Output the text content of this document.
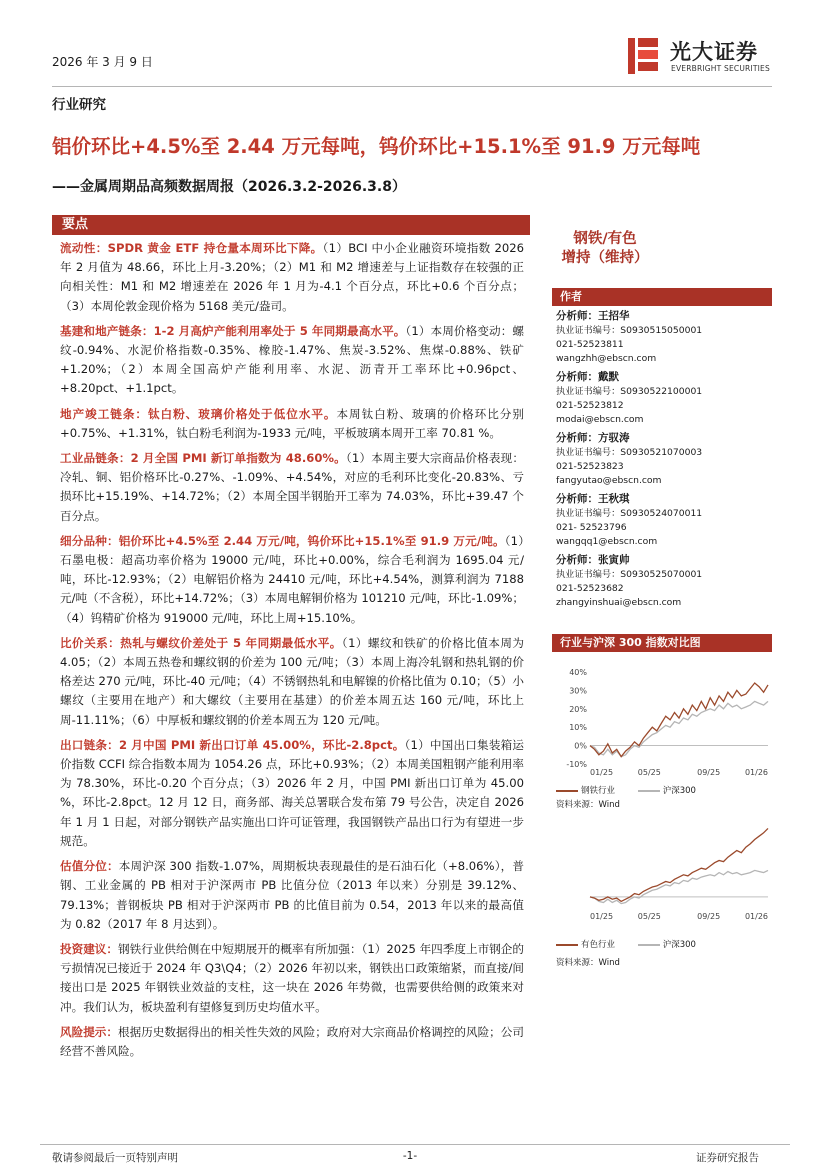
2026 年 3 月 9 日	光大证券
EVERBRIGHT SECURITIES
行业研究
铝价环比+4.5%至 2.44 万元每吨，钨价环比+15.1%至 91.9 万元每吨
——金属周期品高频数据周报（2026.3.2-2026.3.8）
要点

流动性：SPDR 黄金 ETF 持仓量本周环比下降。（1）BCI 中小企业融资环境指数 2026 年 2 月值为 48.66，环比上月-3.20%；（2）M1 和 M2 增速差与上证指数存在较强的正向相关性：M1 和 M2 增速差在 2026 年 1 月为-4.1 个百分点，环比+0.6 个百分点；（3）本周伦敦金现价格为 5168 美元/盎司。

基建和地产链条：1-2 月高炉产能利用率处于 5 年同期最高水平。（1）本周价格变动：螺纹-0.94%、水泥价格指数-0.35%、橡胶-1.47%、焦炭-3.52%、焦煤-0.88%、铁矿+1.20%；（2）本周全国高炉产能利用率、水泥、沥青开工率环比+0.96pct、+8.20pct、+1.1pct。

地产竣工链条：钛白粉、玻璃价格处于低位水平。本周钛白粉、玻璃的价格环比分别+0.75%、+1.31%，钛白粉毛利润为-1933 元/吨，平板玻璃本周开工率 70.81 %。

工业品链条：2 月全国 PMI 新订单指数为 48.60%。（1）本周主要大宗商品价格表现：冷轧、铜、铝价格环比-0.27%、-1.09%、+4.54%，对应的毛利环比变化-20.83%、亏损环比+15.19%、+14.72%；（2）本周全国半钢胎开工率为 74.03%，环比+39.47 个百分点。

细分品种：铝价环比+4.5%至 2.44 万元/吨，钨价环比+15.1%至 91.9 万元/吨。（1）石墨电极：超高功率价格为 19000 元/吨，环比+0.00%，综合毛利润为 1695.04 元/吨，环比-12.93%；（2）电解铝价格为 24410 元/吨，环比+4.54%，测算利润为 7188 元/吨（不含税），环比+14.72%；（3）本周电解铜价格为 101210 元/吨，环比-1.09%；（4）钨精矿价格为 919000 元/吨，环比上周+15.10%。

比价关系：热轧与螺纹价差处于 5 年同期最低水平。（1）螺纹和铁矿的价格比值本周为 4.05；（2）本周五热卷和螺纹钢的价差为 100 元/吨；（3）本周上海冷轧钢和热轧钢的价格差达 270 元/吨，环比-40 元/吨；（4）不锈钢热轧和电解镍的价格比值为 0.10；（5）小螺纹（主要用在地产）和大螺纹（主要用在基建）的价差本周五达 160 元/吨，环比上周-11.11%；（6）中厚板和螺纹钢的价差本周五为 120 元/吨。

出口链条：2 月中国 PMI 新出口订单 45.00%，环比-2.8pct。（1）中国出口集装箱运价指数 CCFI 综合指数本周为 1054.26 点，环比+0.93%；（2）本周美国粗钢产能利用率为 78.30%，环比-0.20 个百分点；（3）2026 年 2 月，中国 PMI 新出口订单为 45.00 %，环比-2.8pct。12 月 12 日，商务部、海关总署联合发布第 79 号公告，决定自 2026 年 1 月 1 日起，对部分钢铁产品实施出口许可证管理，我国钢铁产品出口行为有望进一步规范。

估值分位：本周沪深 300 指数-1.07%，周期板块表现最佳的是石油石化（+8.06%），普钢、工业金属的 PB 相对于沪深两市 PB 比值分位（2013 年以来）分别是 39.12%、79.13%；普钢板块 PB 相对于沪深两市 PB 的比值目前为 0.54，2013 年以来的最高值为 0.82（2017 年 8 月达到）。

投资建议：钢铁行业供给侧在中短期展开的概率有所加强：（1）2025 年四季度上市钢企的亏损情况已接近于 2024 年 Q3\Q4；（2）2026 年初以来，钢铁出口政策缩紧，而直接/间接出口是 2025 年钢铁业效益的支柱，这一块在 2026 年势微，也需要供给侧的政策来对冲。我们认为，板块盈利有望修复到历史均值水平。

风险提示：根据历史数据得出的相关性失效的风险；政府对大宗商品价格调控的风险；公司经营不善风险。

钢铁/有色
增持（维持）
作者
分析师：王招华
执业证书编号：S0930515050001
021-52523811
wangzhh@ebscn.com
分析师：戴默
执业证书编号：S0930522100001
021-52523812
modai@ebscn.com
分析师：方驭涛
执业证书编号：S0930521070003
021-52523823
fangyutao@ebscn.com
分析师：王秋琪
执业证书编号：S0930524070011
021- 52523796
wangqq1@ebscn.com
分析师：张寅帅
执业证书编号：S0930525070001
021-52523682
zhangyinshuai@ebscn.com
行业与沪深 300 指数对比图
40%
30%
20%
10%
0%
-10%
01/25	05/25	09/25	01/26
钢铁行业	沪深300
资料来源：Wind
01/25	05/25	09/25	01/26
有色行业	沪深300
资料来源：Wind
敬请参阅最后一页特别声明	-1-	证券研究报告
